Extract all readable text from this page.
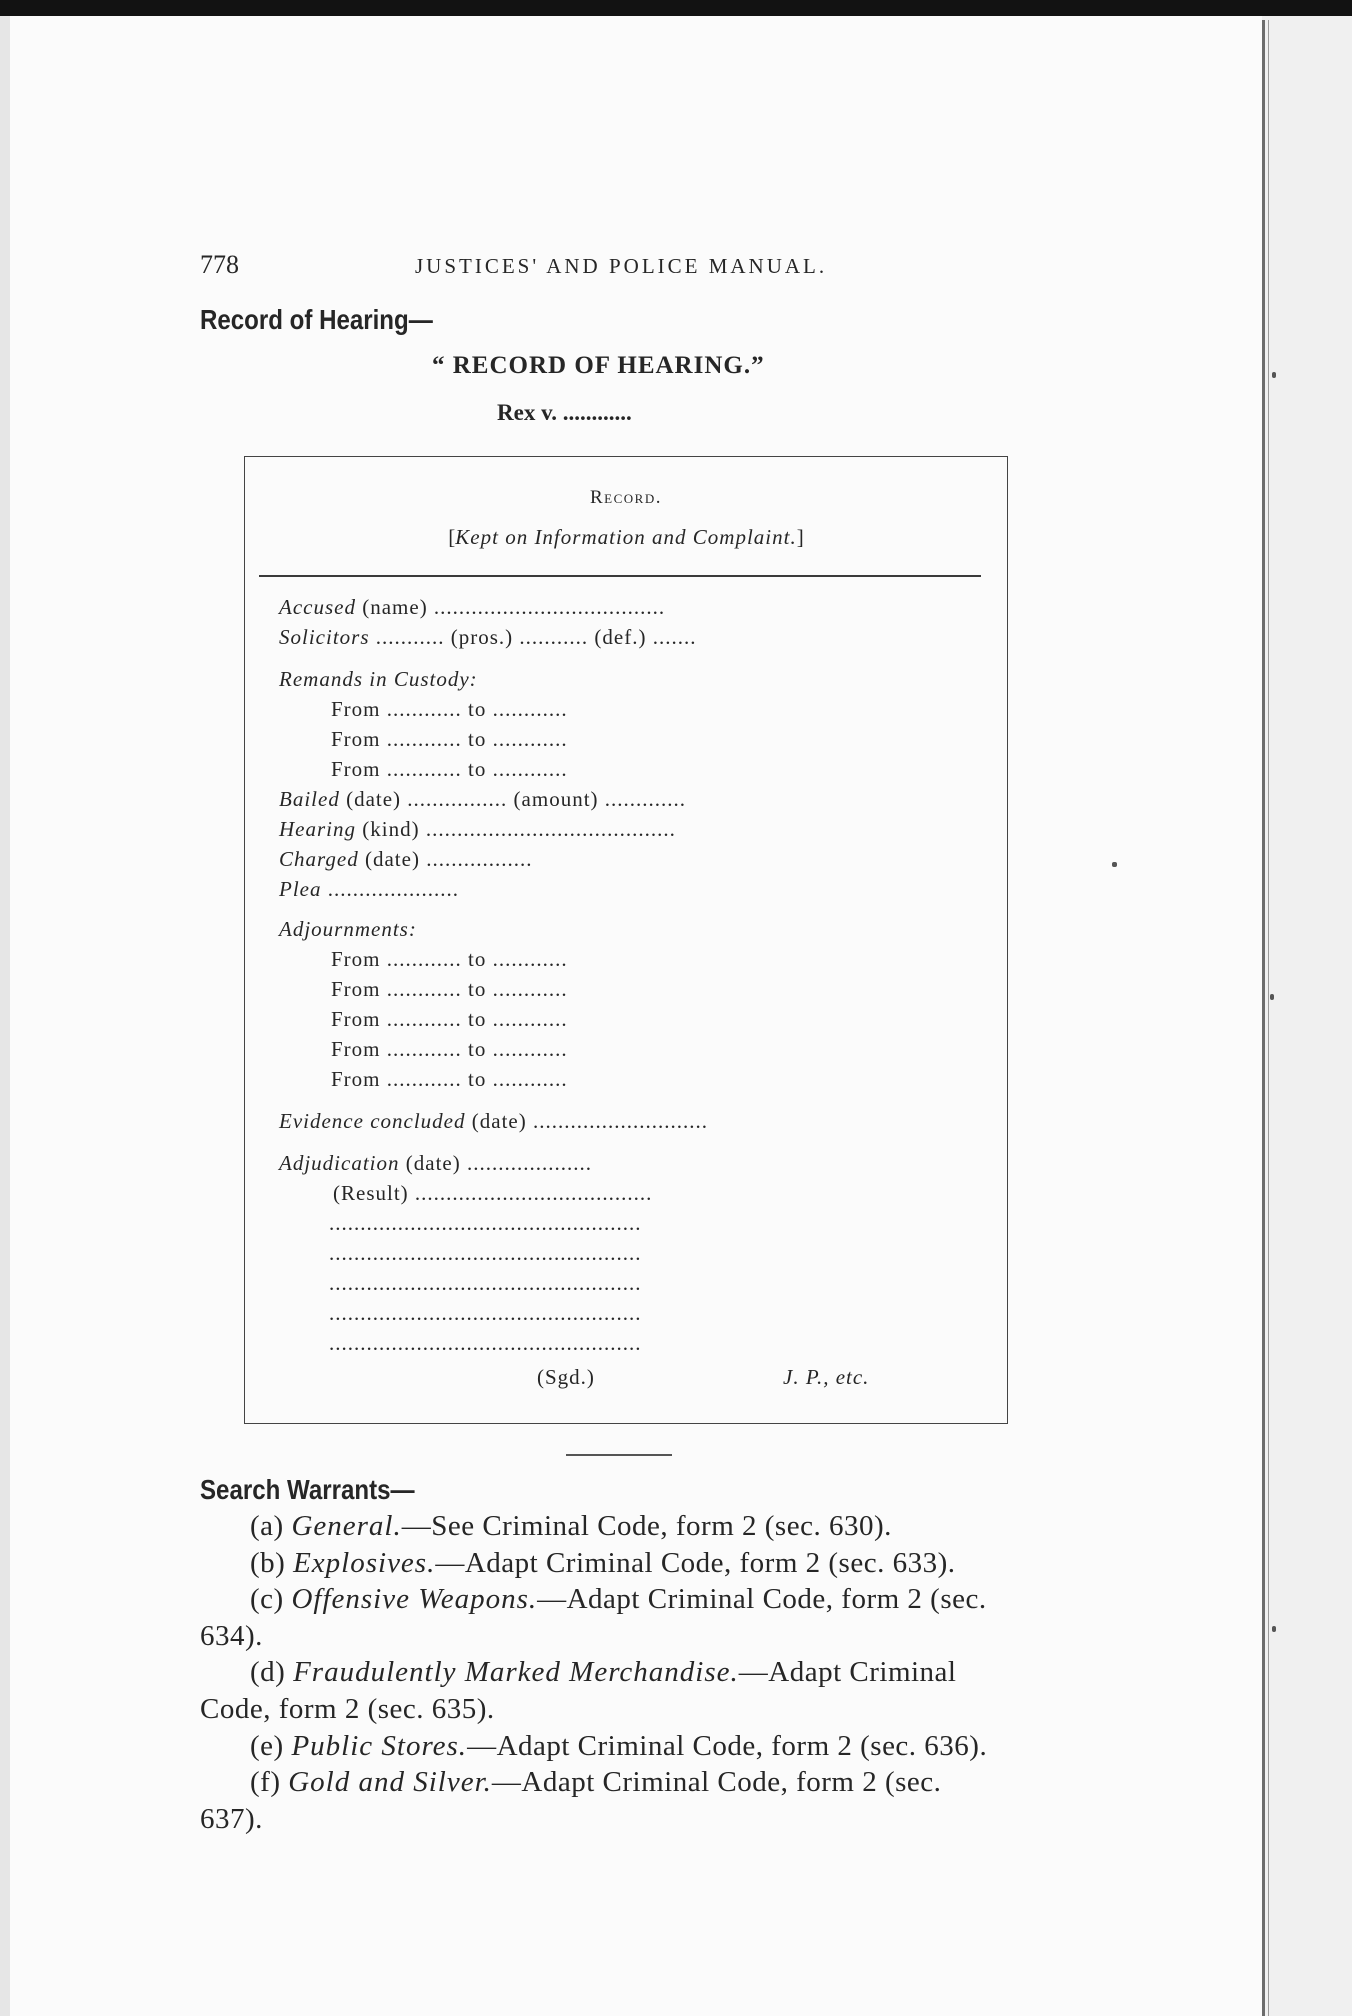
778	JUSTICES' AND POLICE MANUAL.
Record of Hearing—
“ RECORD OF HEARING.”
Rex v. ............
Record.
[Kept on Information and Complaint.]
Accused (name) .....................................
Solicitors ........... (pros.) ........... (def.) .......
Remands in Custody:
From ............ to ............
From ............ to ............
From ............ to ............
Bailed (date) ................ (amount) .............
Hearing (kind) ........................................
Charged (date) .................
Plea .....................
Adjournments:
From ............ to ............
From ............ to ............
From ............ to ............
From ............ to ............
From ............ to ............
Evidence concluded (date) ............................
Adjudication (date) ....................
(Result) ......................................
..................................................
..................................................
..................................................
..................................................
..................................................
(Sgd.)	J. P., etc.
Search Warrants—
(a) General.—See Criminal Code, form 2 (sec. 630).
(b) Explosives.—Adapt Criminal Code, form 2 (sec. 633).
(c) Offensive Weapons.—Adapt Criminal Code, form 2 (sec.
634).
(d) Fraudulently Marked Merchandise.—Adapt Criminal
Code, form 2 (sec. 635).
(e) Public Stores.—Adapt Criminal Code, form 2 (sec. 636).
(f) Gold and Silver.—Adapt Criminal Code, form 2 (sec.
637).
